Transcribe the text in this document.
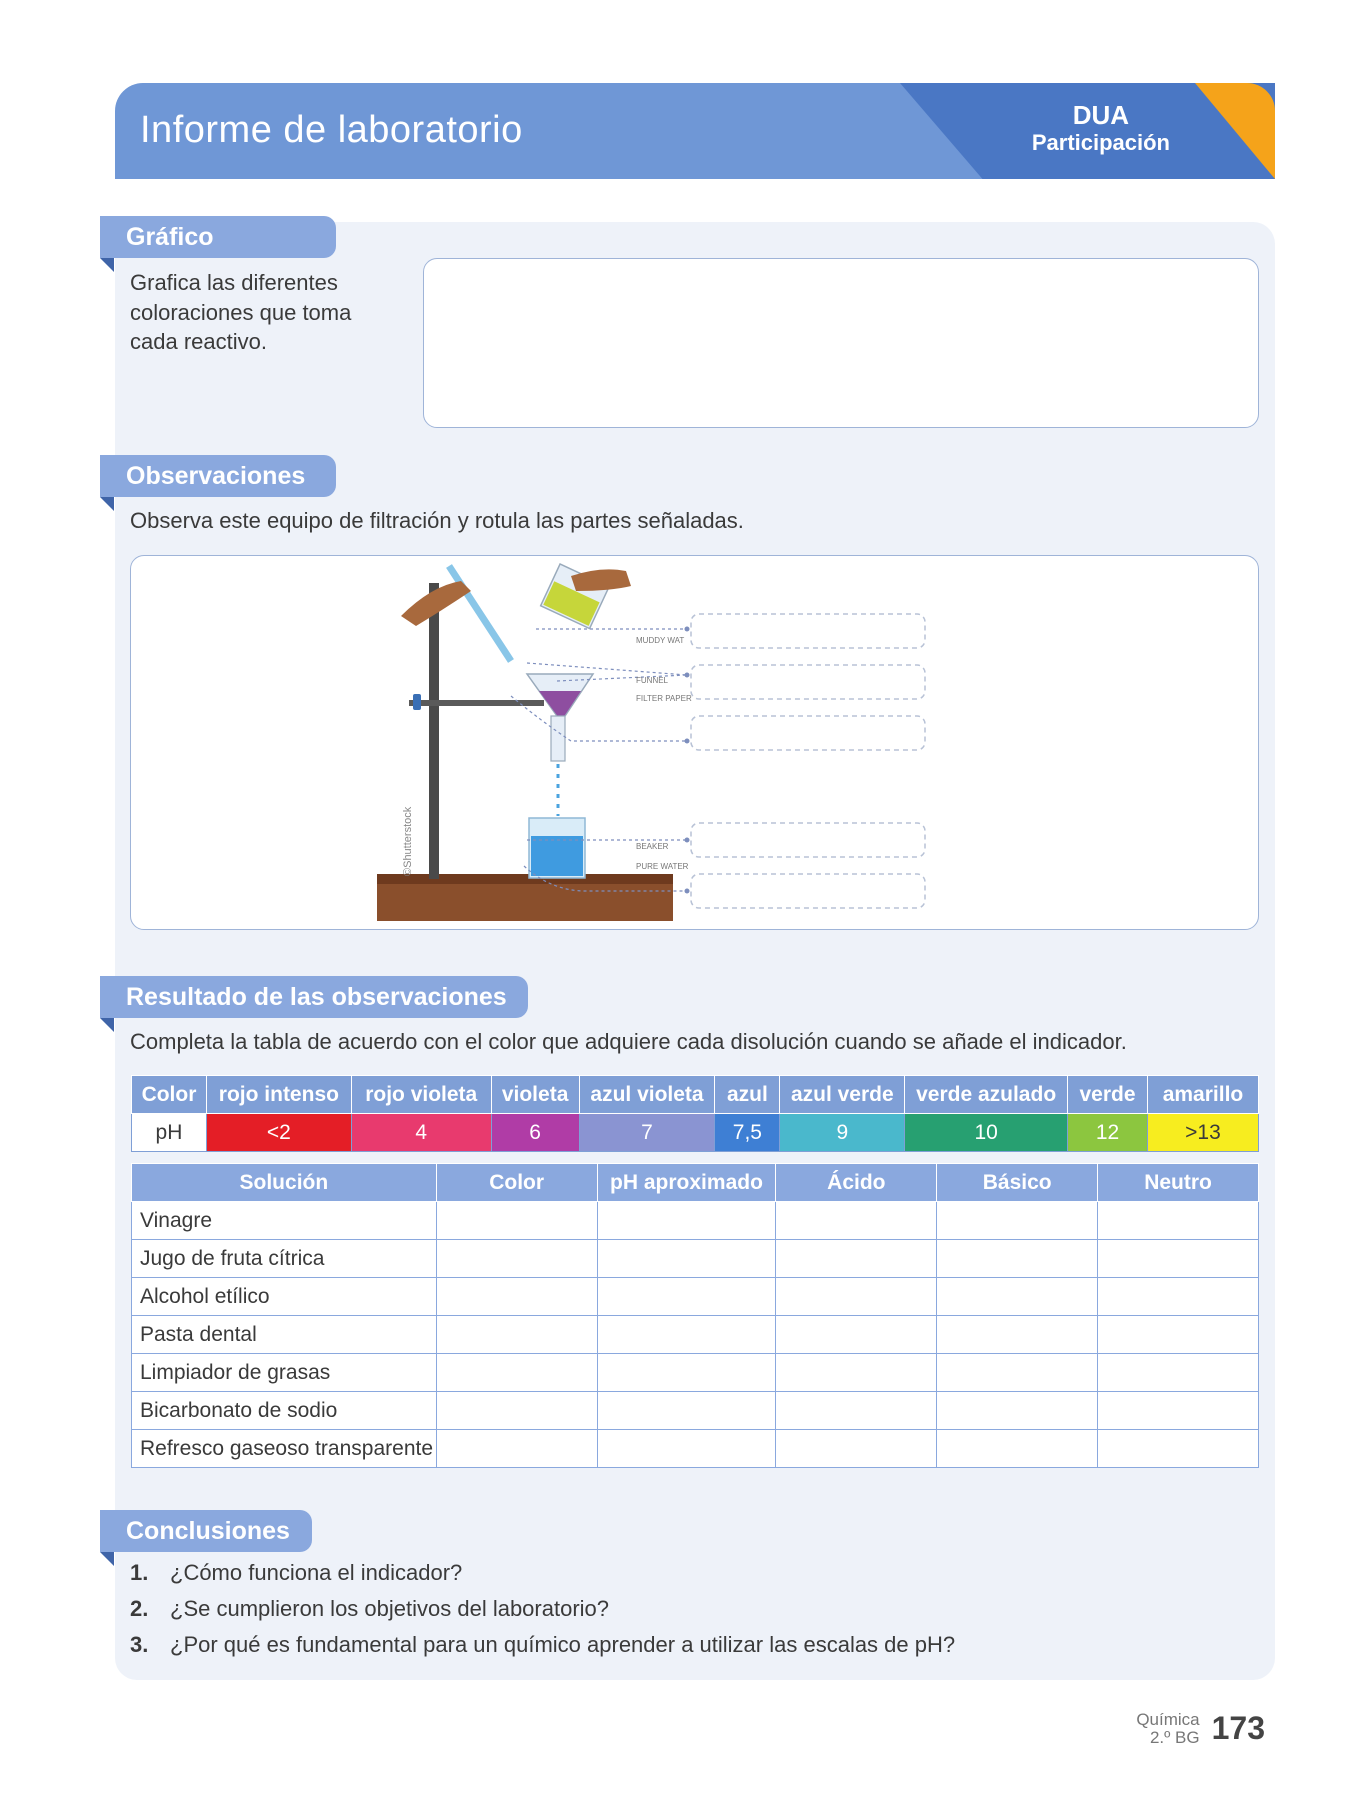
Informe de laboratorio	DUA
Participación
Gráfico
Grafica las diferentes coloraciones que toma cada reactivo.
Observaciones
Observa este equipo de filtración y rotula las partes señaladas.
MUDDY WAT
FUNNEL
FILTER PAPER
BEAKER
PURE WATER
©Shutterstock
Resultado de las observaciones
Completa la tabla de acuerdo con el color que adquiere cada disolución cuando se añade el indicador.
Color	rojo intenso	rojo violeta	violeta	azul violeta	azul	azul verde	verde azulado	verde	amarillo
pH	<2	4	6	7	7,5	9	10	12	>13
Solución	Color	pH aproximado	Ácido	Básico	Neutro
Vinagre					
Jugo de fruta cítrica					
Alcohol etílico					
Pasta dental					
Limpiador de grasas					
Bicarbonato de sodio					
Refresco gaseoso transparente					
Conclusiones
1. ¿Cómo funciona el indicador?
2. ¿Se cumplieron los objetivos del laboratorio?
3. ¿Por qué es fundamental para un químico aprender a utilizar las escalas de pH?
Química
2.º BG 173
